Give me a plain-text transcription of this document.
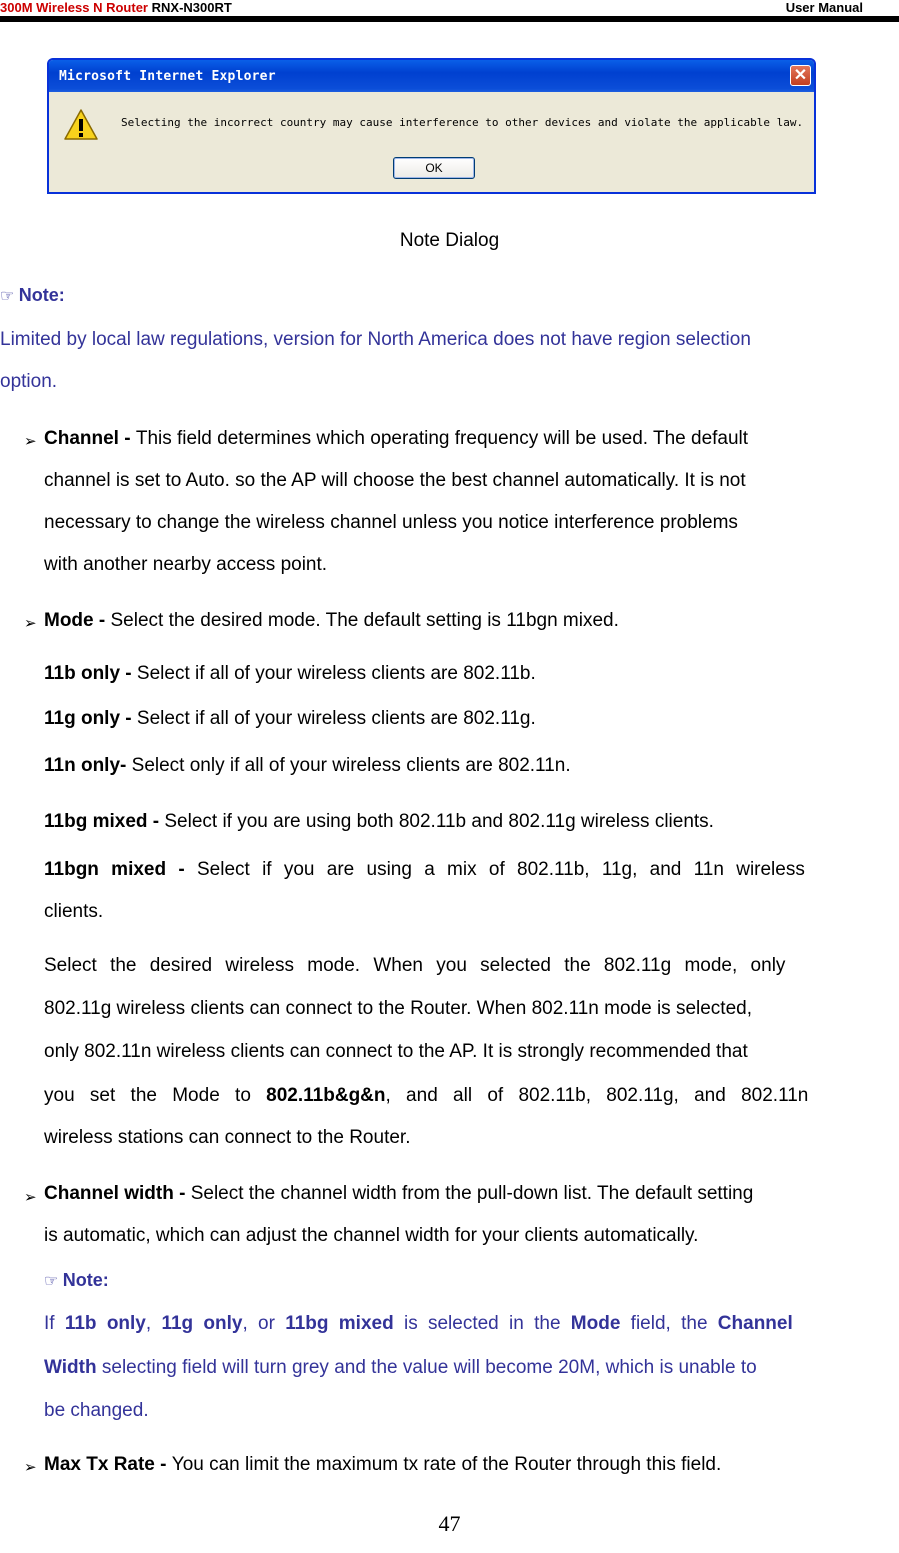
300M Wireless N Router RNX-N300RT	User Manual
Microsoft Internet Explorer	✕
Selecting the incorrect country may cause interference to other devices and violate the applicable law.
OK
Note Dialog
☞ Note:
Limited by local law regulations, version for North America does not have region selection
option.
➢ Channel - This field determines which operating frequency will be used. The default
channel is set to Auto. so the AP will choose the best channel automatically. It is not
necessary to change the wireless channel unless you notice interference problems
with another nearby access point.
➢ Mode - Select the desired mode. The default setting is 11bgn mixed.
11b only - Select if all of your wireless clients are 802.11b.
11g only - Select if all of your wireless clients are 802.11g.
11n only- Select only if all of your wireless clients are 802.11n.
11bg mixed - Select if you are using both 802.11b and 802.11g wireless clients.
11bgn mixed - Select if you are using a mix of 802.11b, 11g, and 11n wireless
clients.
Select the desired wireless mode. When you selected the 802.11g mode, only
802.11g wireless clients can connect to the Router. When 802.11n mode is selected,
only 802.11n wireless clients can connect to the AP. It is strongly recommended that
you set the Mode to 802.11b&g&n, and all of 802.11b, 802.11g, and 802.11n
wireless stations can connect to the Router.
➢ Channel width - Select the channel width from the pull-down list. The default setting
is automatic, which can adjust the channel width for your clients automatically.
☞ Note:
If 11b only, 11g only, or 11bg mixed is selected in the Mode field, the Channel
Width selecting field will turn grey and the value will become 20M, which is unable to
be changed.
➢ Max Tx Rate - You can limit the maximum tx rate of the Router through this field.
47
